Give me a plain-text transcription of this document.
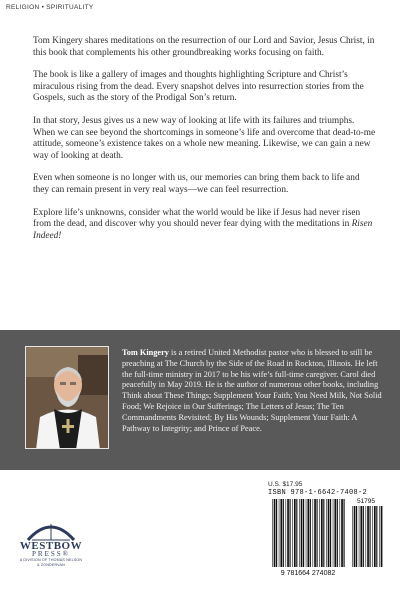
RELIGION • SPIRITUALITY

Tom Kingery shares meditations on the resurrection of our Lord and Savior, Jesus Christ, in this book that complements his other groundbreaking works focusing on faith.

The book is like a gallery of images and thoughts highlighting Scripture and Christ’s miraculous rising from the dead. Every snapshot delves into resurrection stories from the Gospels, such as the story of the Prodigal Son’s return.

In that story, Jesus gives us a new way of looking at life with its failures and triumphs. When we can see beyond the shortcomings in someone’s life and overcome that dead-to-me attitude, someone’s existence takes on a whole new meaning. Likewise, we can gain a new way of looking at death.

Even when someone is no longer with us, our memories can bring them back to life and they can remain present in very real ways—we can feel resurrection.

Explore life’s unknowns, consider what the world would be like if Jesus had never risen from the dead, and discover why you should never fear dying with the meditations in Risen Indeed!

Tom Kingery is a retired United Methodist pastor who is blessed to still be preaching at The Church by the Side of the Road in Rockton, Illinois. He left the full-time ministry in 2017 to be his wife’s full-time caregiver. Carol died peacefully in May 2019. He is the author of numerous other books, including Think about These Things; Supplement Your Faith; You Need Milk, Not Solid Food; We Rejoice in Our Sufferings; The Letters of Jesus; The Ten Commandments Revisited; By His Wounds; Supplement Your Faith: A Pathway to Integrity; and Prince of Peace.
WESTBOW
PRESS®
A DIVISION OF THOMAS NELSON
& ZONDERVAN
U.S. $17.95
ISBN 978-1-6642-7408-2
51795
9 781664 274082
